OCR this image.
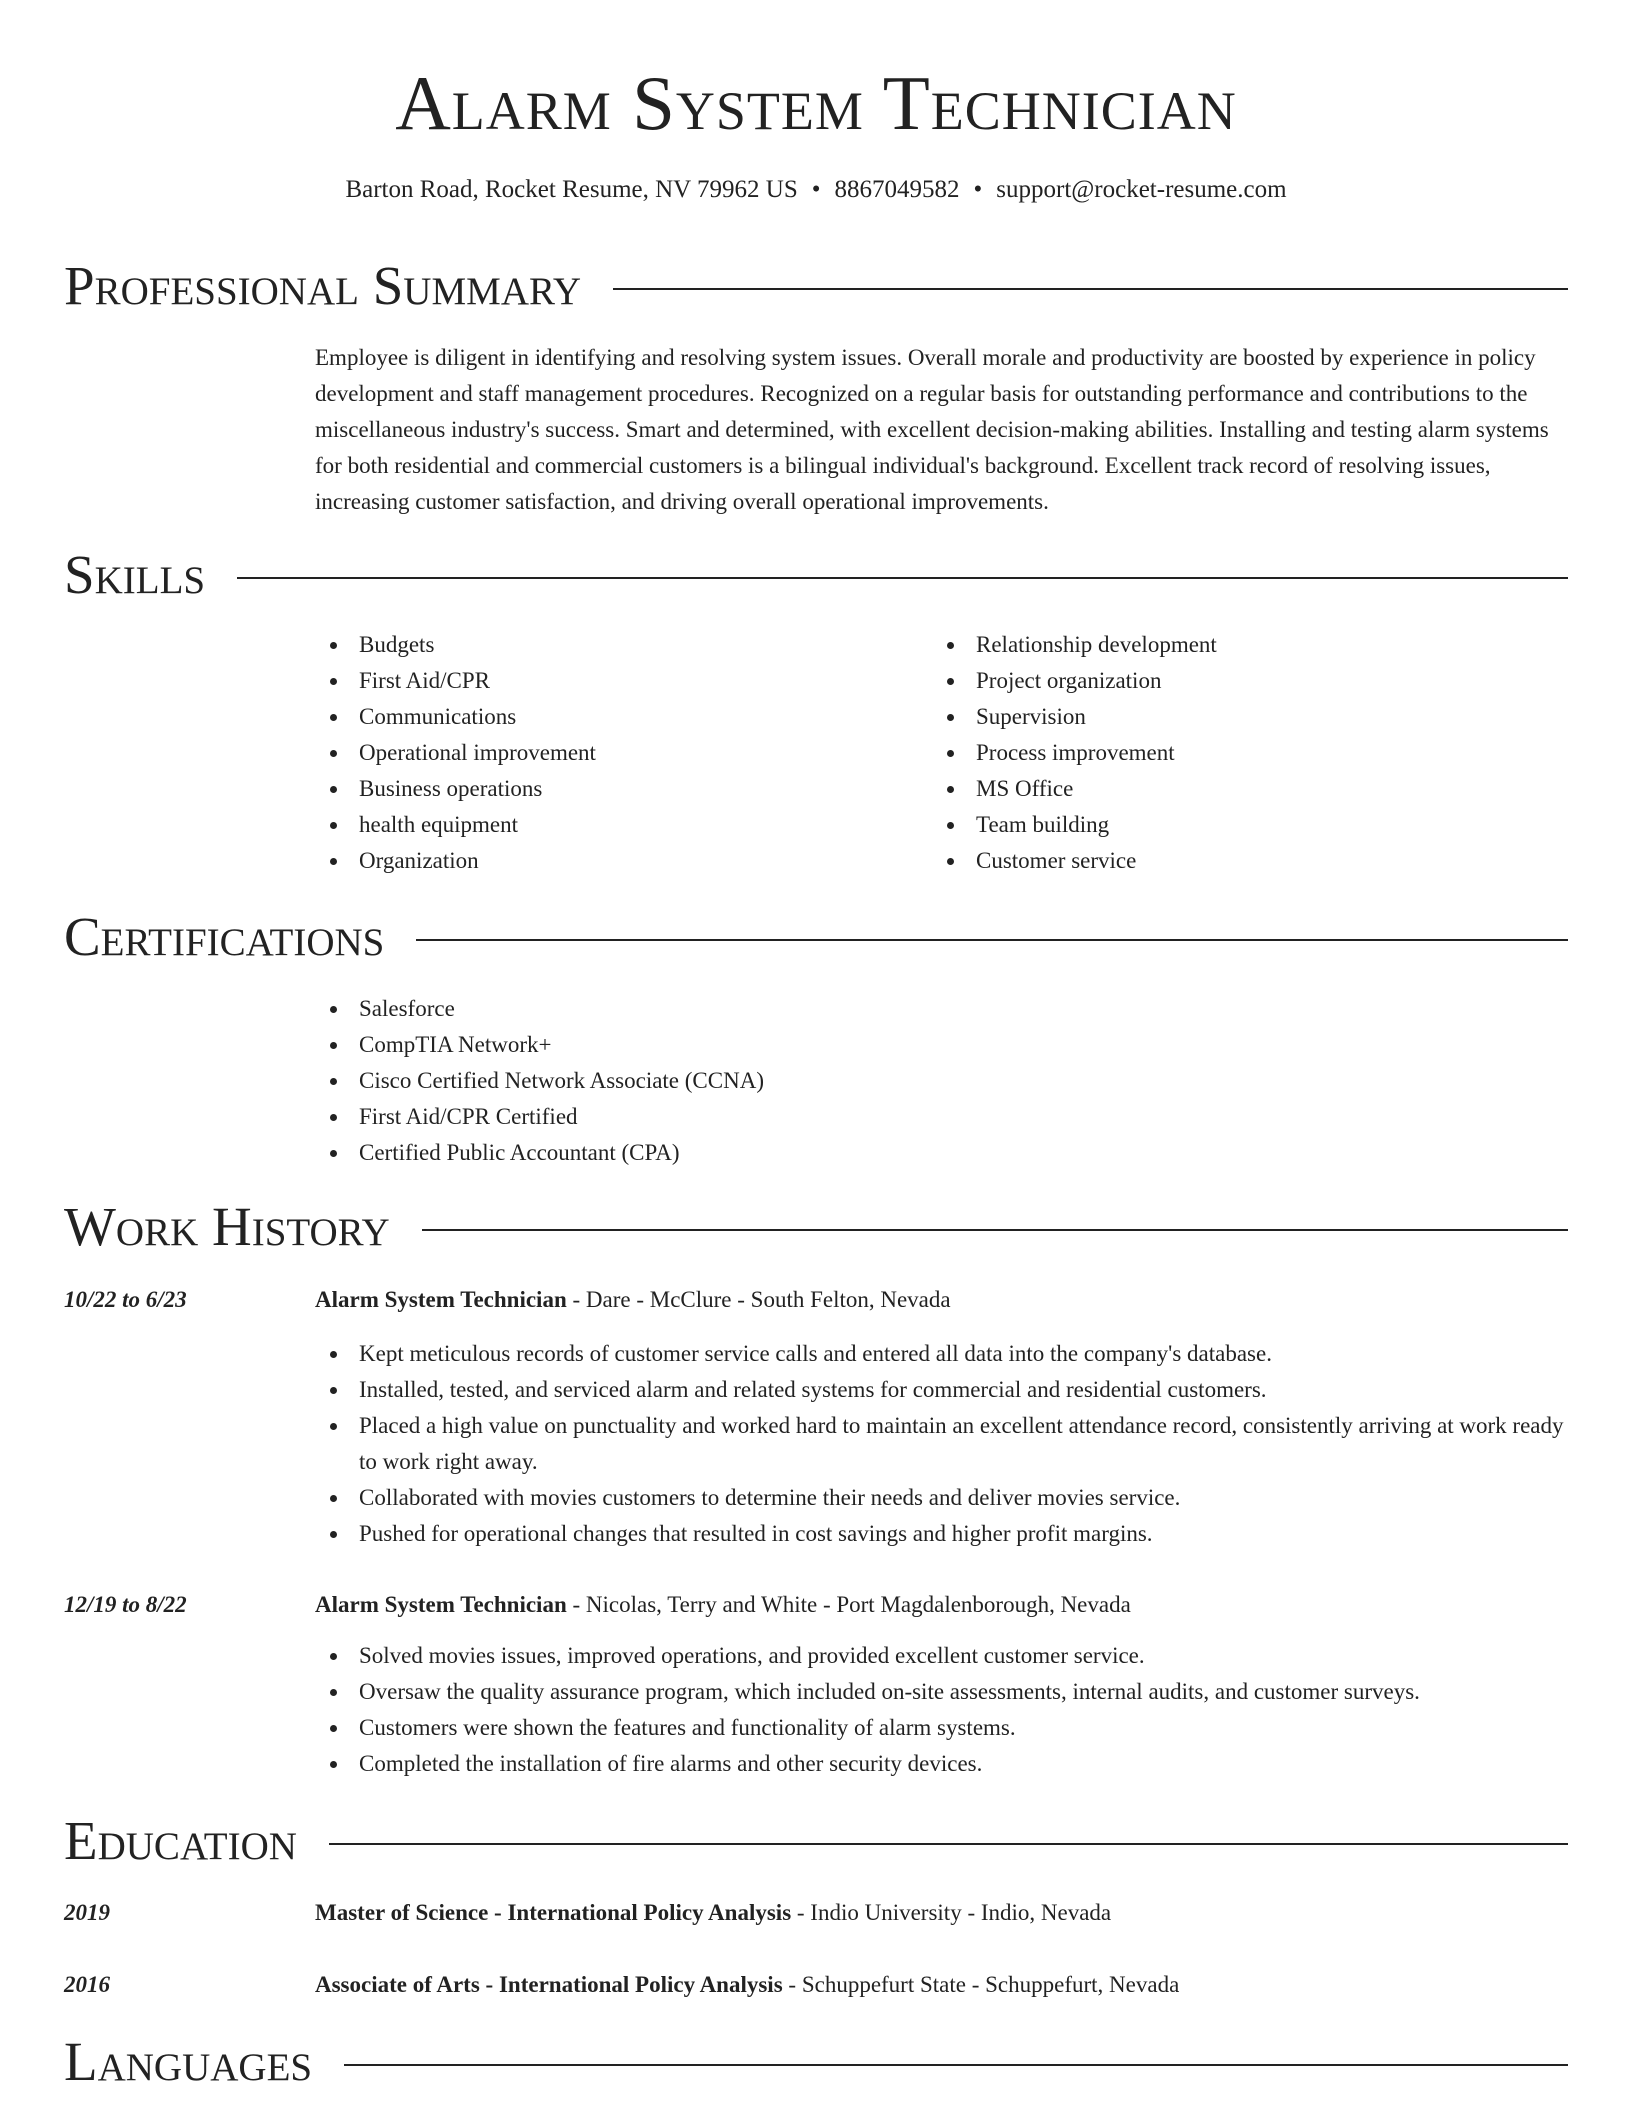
Alarm System Technician
Barton Road, Rocket Resume, NV 79962 US • 8867049582 • support@rocket-resume.com
Professional Summary

Employee is diligent in identifying and resolving system issues. Overall morale and productivity are boosted by experience in policy development and staff management procedures. Recognized on a regular basis for outstanding performance and contributions to the miscellaneous industry's success. Smart and determined, with excellent decision-making abilities. Installing and testing alarm systems for both residential and commercial customers is a bilingual individual's background. Excellent track record of resolving issues, increasing customer satisfaction, and driving overall operational improvements.

Skills
Budgets
First Aid/CPR
Communications
Operational improvement
Business operations
health equipment
Organization
Relationship development
Project organization
Supervision
Process improvement
MS Office
Team building
Customer service
Certifications
Salesforce
CompTIA Network+
Cisco Certified Network Associate (CCNA)
First Aid/CPR Certified
Certified Public Accountant (CPA)
Work History
10/22 to 6/23	Alarm System Technician - Dare - McClure - South Felton, Nevada
Kept meticulous records of customer service calls and entered all data into the company's database.
Installed, tested, and serviced alarm and related systems for commercial and residential customers.
Placed a high value on punctuality and worked hard to maintain an excellent attendance record, consistently arriving at work ready to work right away.
Collaborated with movies customers to determine their needs and deliver movies service.
Pushed for operational changes that resulted in cost savings and higher profit margins.
12/19 to 8/22	Alarm System Technician - Nicolas, Terry and White - Port Magdalenborough, Nevada
Solved movies issues, improved operations, and provided excellent customer service.
Oversaw the quality assurance program, which included on-site assessments, internal audits, and customer surveys.
Customers were shown the features and functionality of alarm systems.
Completed the installation of fire alarms and other security devices.
Education
2019	Master of Science - International Policy Analysis - Indio University - Indio, Nevada
2016	Associate of Arts - International Policy Analysis - Schuppefurt State - Schuppefurt, Nevada
Languages
